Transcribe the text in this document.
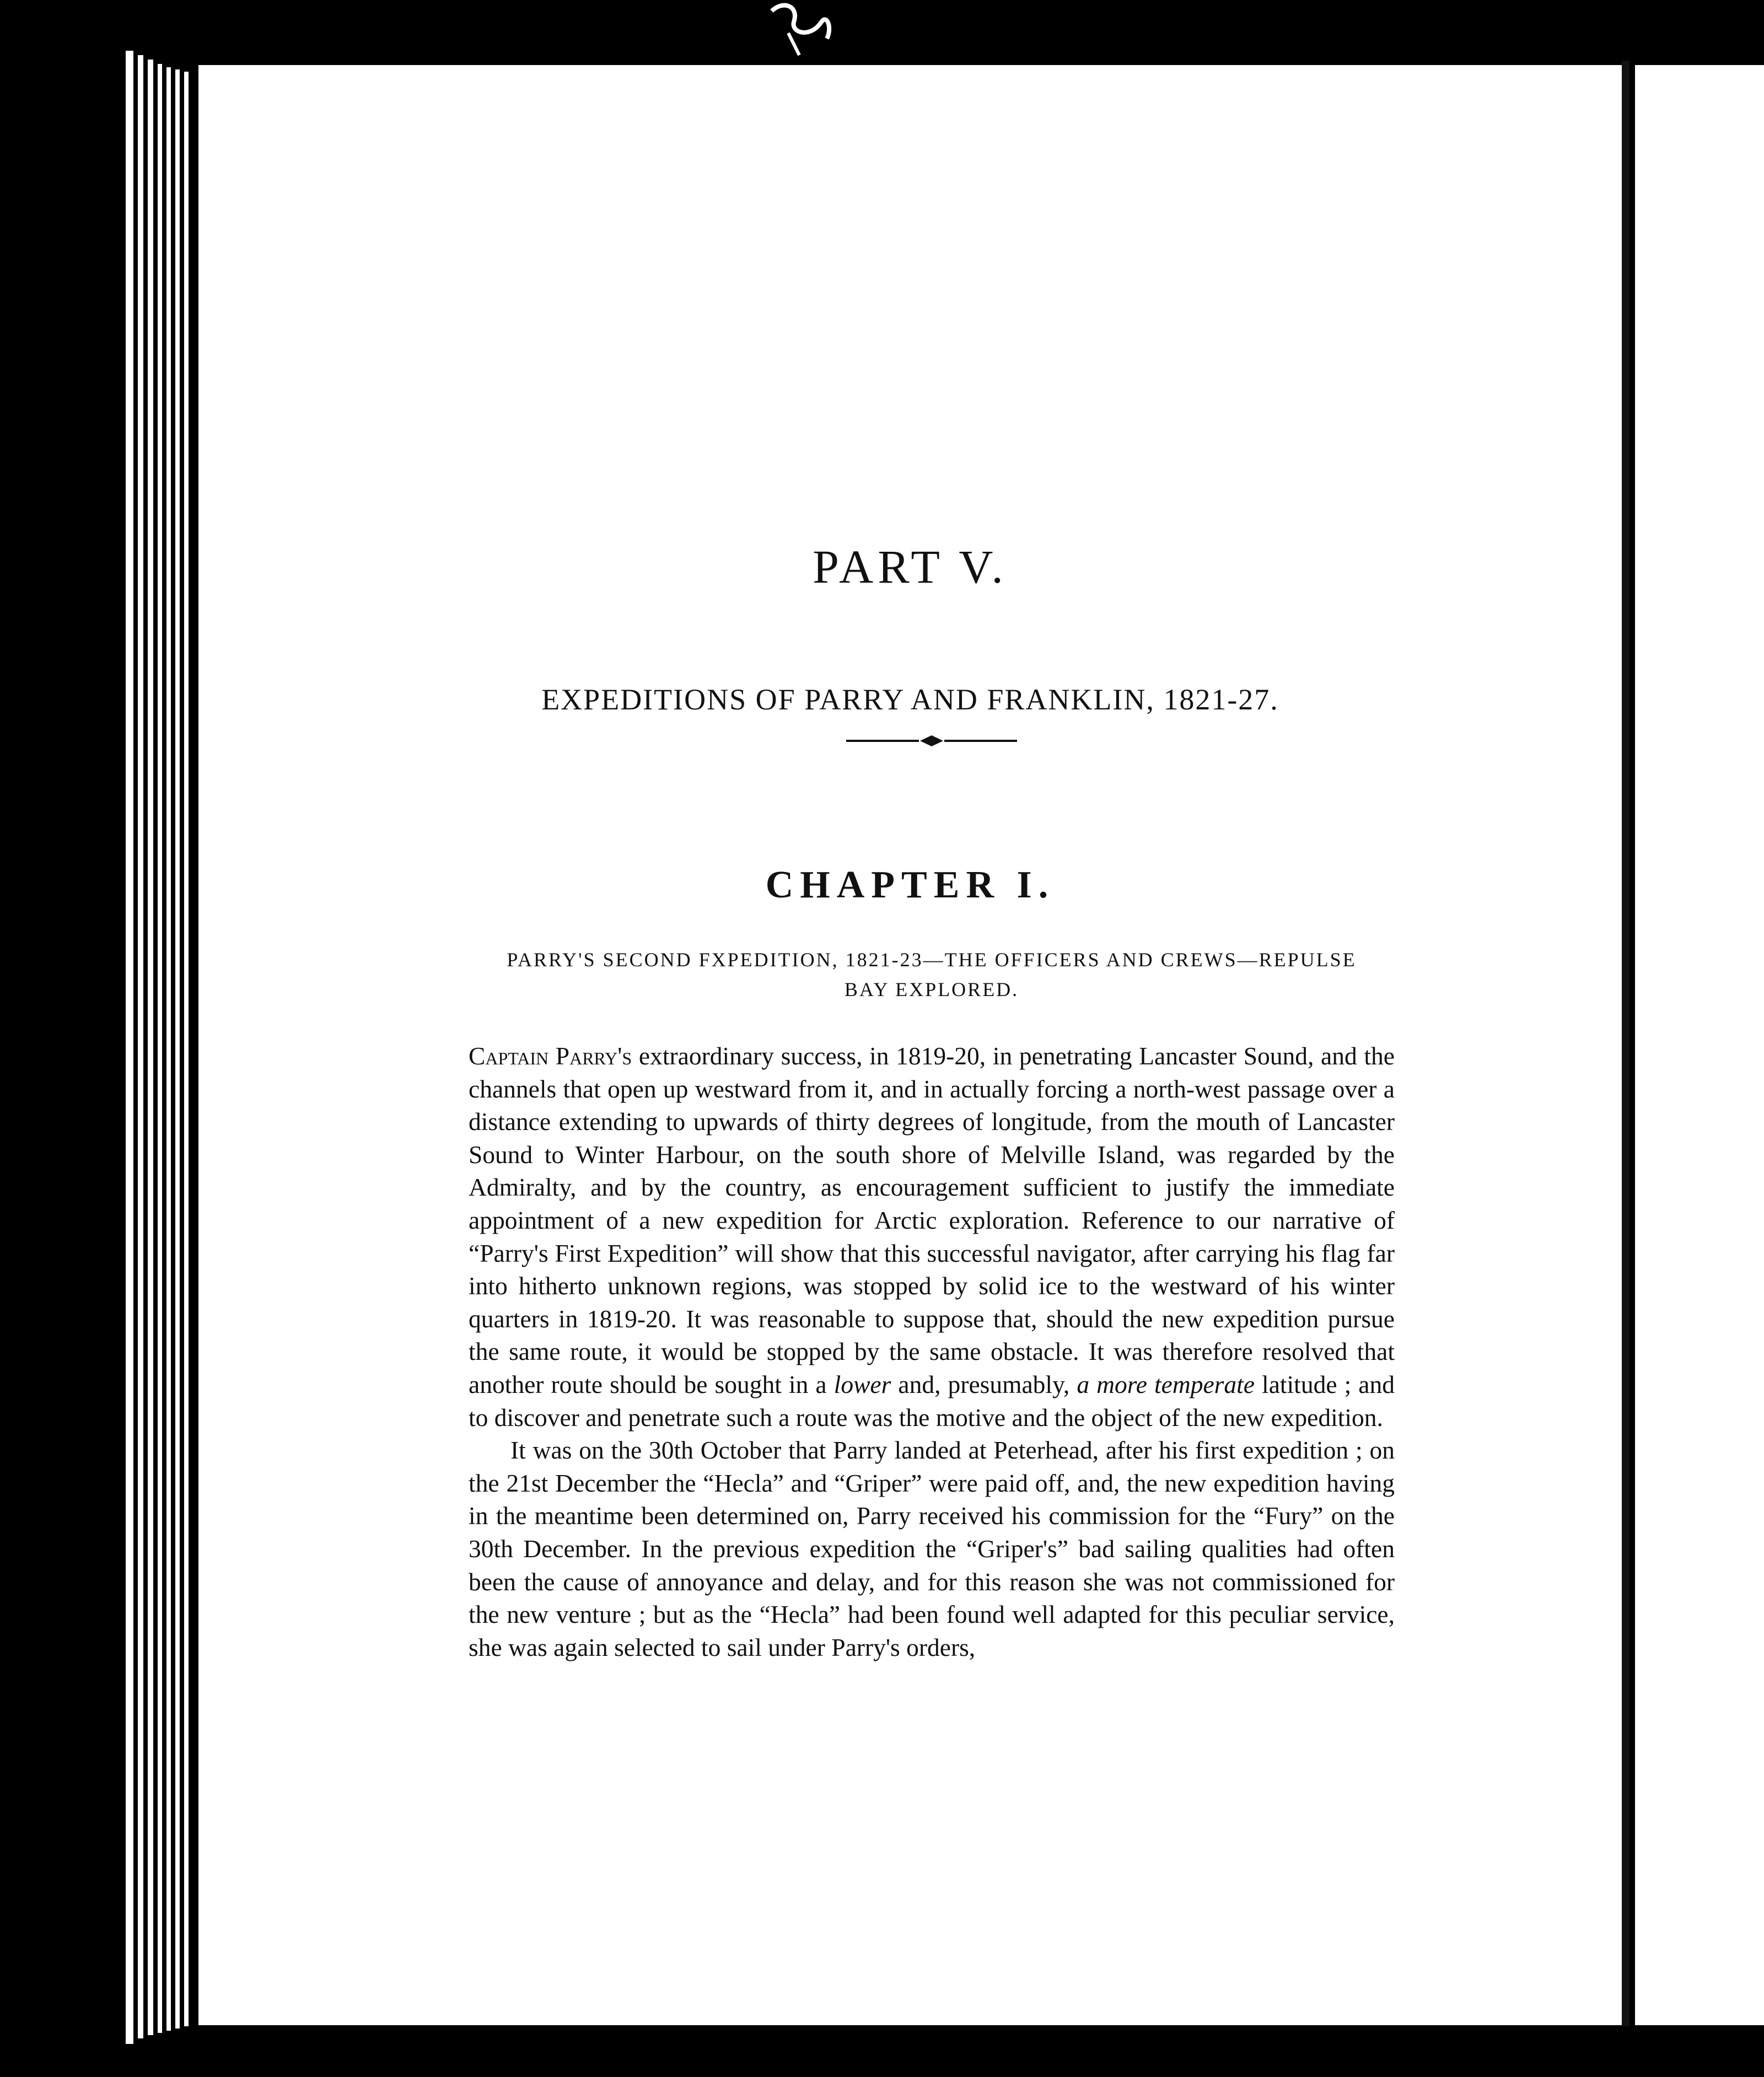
PART V.
EXPEDITIONS OF PARRY AND FRANKLIN, 1821-27.
CHAPTER I.
PARRY'S SECOND FXPEDITION, 1821-23—THE OFFICERS AND CREWS—REPULSE
BAY EXPLORED.

Captain Parry's extraordinary success, in 1819-20, in penetrating Lancaster Sound, and the channels that open up westward from it, and in actually forcing a north-west passage over a distance extending to upwards of thirty degrees of longitude, from the mouth of Lancaster Sound to Winter Harbour, on the south shore of Melville Island, was regarded by the Admiralty, and by the country, as encouragement sufficient to justify the immediate appointment of a new expedition for Arctic exploration. Reference to our narrative of “Parry's First Expedition” will show that this successful navigator, after carrying his flag far into hitherto unknown regions, was stopped by solid ice to the westward of his winter quarters in 1819-20. It was reasonable to suppose that, should the new expedition pursue the same route, it would be stopped by the same obstacle. It was therefore resolved that another route should be sought in a lower and, presumably, a more temperate latitude ; and to discover and penetrate such a route was the motive and the object of the new expedition.

It was on the 30th October that Parry landed at Peterhead, after his first expedition ; on the 21st December the “Hecla” and “Griper” were paid off, and, the new expedition having in the meantime been determined on, Parry received his commission for the “Fury” on the 30th December. In the previous expedition the “Griper's” bad sailing qualities had often been the cause of annoyance and delay, and for this reason she was not commissioned for the new venture ; but as the “Hecla” had been found well adapted for this peculiar service, she was again selected to sail under Parry's orders,
